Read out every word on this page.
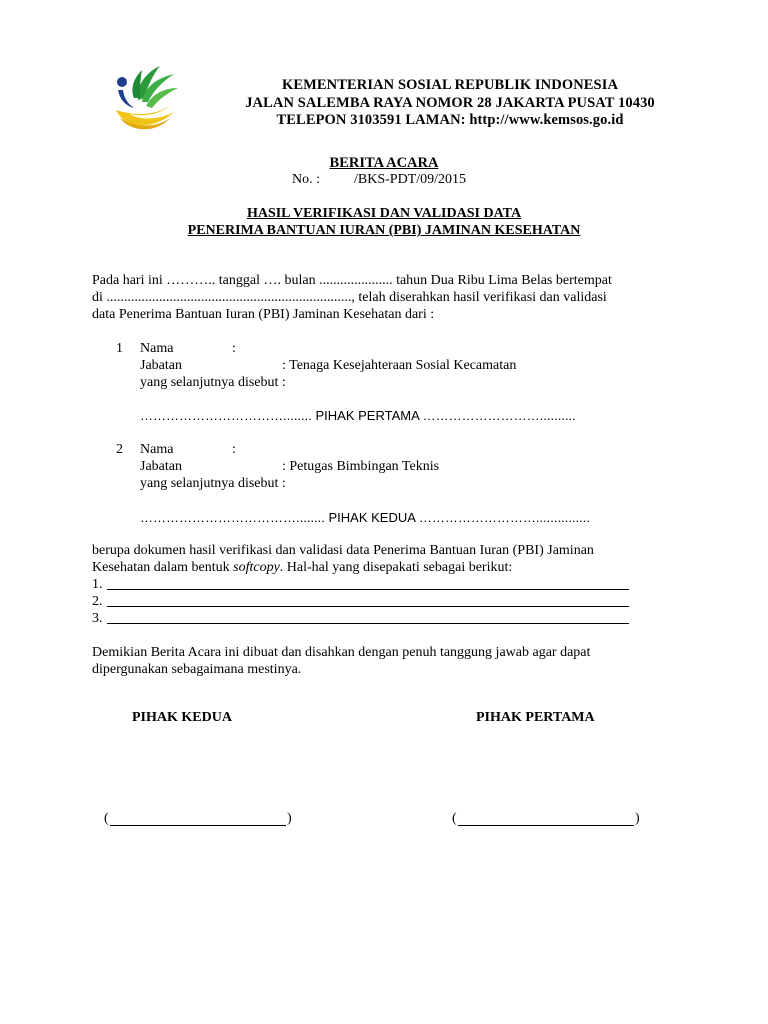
KEMENTERIAN SOSIAL REPUBLIK INDONESIA
JALAN SALEMBA RAYA NOMOR 28 JAKARTA PUSAT 10430
TELEPON 3103591 LAMAN: http://www.kemsos.go.id
BERITA ACARA
No. : /BKS-PDT/09/2015
HASIL VERIFIKASI DAN VALIDASI DATA
PENERIMA BANTUAN IURAN (PBI) JAMINAN KESEHATAN
Pada hari ini ……….. tanggal …. bulan ..................... tahun Dua Ribu Lima Belas bertempat
di ......................................................................, telah diserahkan hasil verifikasi dan validasi
data Penerima Bantuan Iuran (PBI) Jaminan Kesehatan dari :
1 Nama	:
Jabatan	: Tenaga Kesejahteraan Sosial Kecamatan
yang selanjutnya disebut :
……………………………........ PIHAK PERTAMA ………………………..........
2 Nama	:
Jabatan	: Petugas Bimbingan Teknis
yang selanjutnya disebut :
………………………………........ PIHAK KEDUA ………………………...............
berupa dokumen hasil verifikasi dan validasi data Penerima Bantuan Iuran (PBI) Jaminan
Kesehatan dalam bentuk softcopy. Hal-hal yang disepakati sebagai berikut:
1.
2.
3.
Demikian Berita Acara ini dibuat dan disahkan dengan penuh tanggung jawab agar dapat
dipergunakan sebagaimana mestinya.
PIHAK KEDUA	PIHAK PERTAMA
(	)	(	)
